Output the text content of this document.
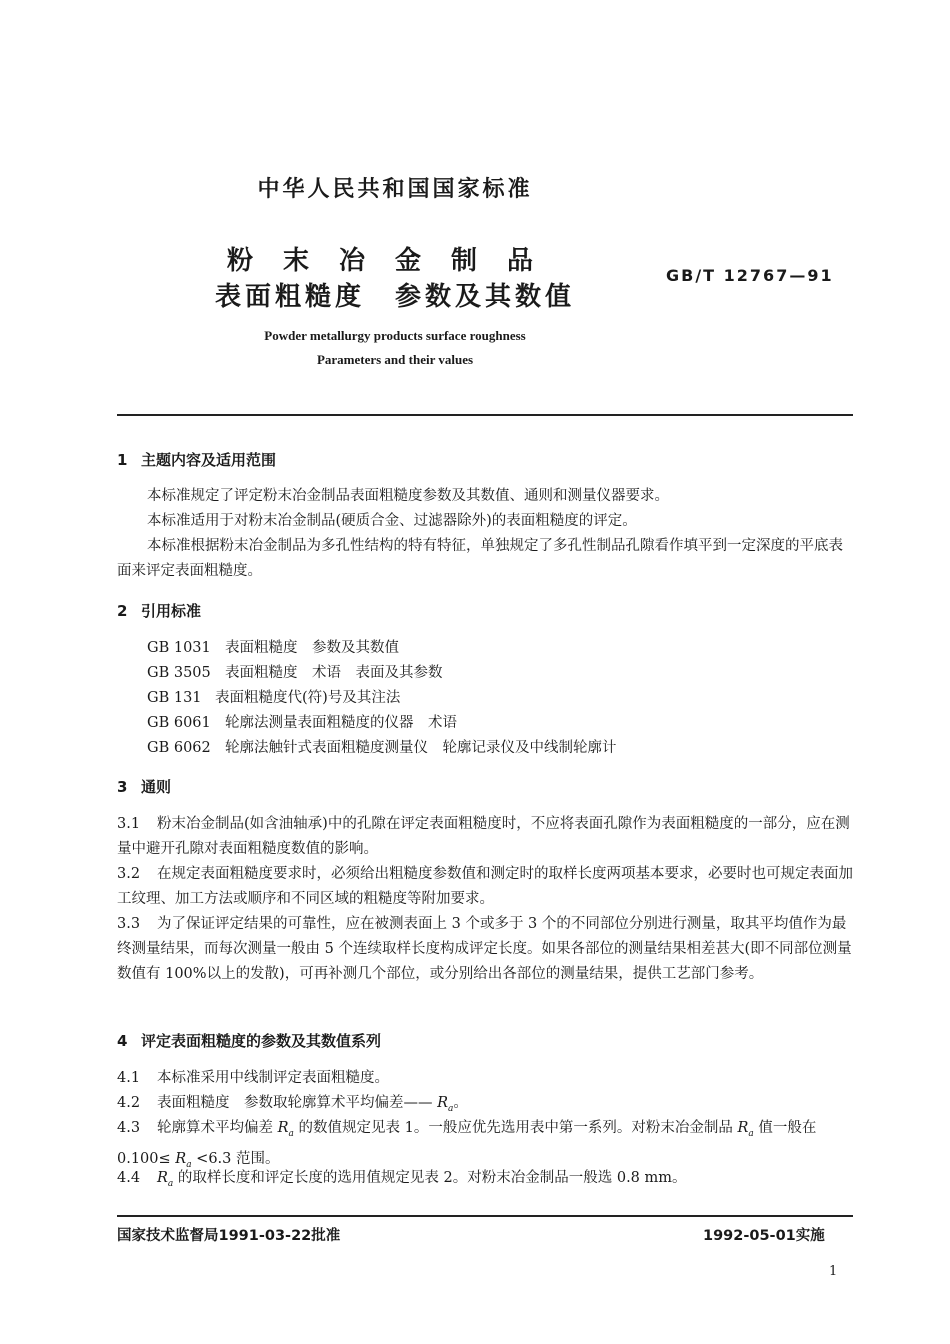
中华人民共和国国家标准
粉末冶金制品
表面粗糙度　参数及其数值
GB/T 12767—91
Powder metallurgy products surface roughness
Parameters and their values
1 主题内容及适用范围
本标准规定了评定粉末冶金制品表面粗糙度参数及其数值、通则和测量仪器要求。
本标准适用于对粉末冶金制品(硬质合金、过滤器除外)的表面粗糙度的评定。
本标准根据粉末冶金制品为多孔性结构的特有特征，单独规定了多孔性制品孔隙看作填平到一定深度的平底表面来评定表面粗糙度。
2 引用标准
GB 1031 表面粗糙度　参数及其数值
GB 3505 表面粗糙度　术语　表面及其参数
GB 131 表面粗糙度代(符)号及其注法
GB 6061 轮廓法测量表面粗糙度的仪器　术语
GB 6062 轮廓法触针式表面粗糙度测量仪　轮廓记录仪及中线制轮廓计
3 通则
3.1 粉末冶金制品(如含油轴承)中的孔隙在评定表面粗糙度时，不应将表面孔隙作为表面粗糙度的一部分，应在测量中避开孔隙对表面粗糙度数值的影响。
3.2 在规定表面粗糙度要求时，必须给出粗糙度参数值和测定时的取样长度两项基本要求，必要时也可规定表面加工纹理、加工方法或顺序和不同区域的粗糙度等附加要求。
3.3 为了保证评定结果的可靠性，应在被测表面上 3 个或多于 3 个的不同部位分别进行测量，取其平均值作为最终测量结果，而每次测量一般由 5 个连续取样长度构成评定长度。如果各部位的测量结果相差甚大(即不同部位测量数值有 100%以上的发散)，可再补测几个部位，或分别给出各部位的测量结果，提供工艺部门参考。
4 评定表面粗糙度的参数及其数值系列
4.1 本标准采用中线制评定表面粗糙度。
4.2 表面粗糙度　参数取轮廓算术平均偏差—— $R_a$。
4.3 轮廓算术平均偏差 $R_a$ 的数值规定见表 1。一般应优先选用表中第一系列。对粉末冶金制品 $R_a$ 值一般在 $0.100\le R_a <6.3$ 范围。
4.4 $R_a$ 的取样长度和评定长度的选用值规定见表 2。对粉末冶金制品一般选 0.8 mm。
国家技术监督局1991-03-22批准	1992-05-01实施
1
